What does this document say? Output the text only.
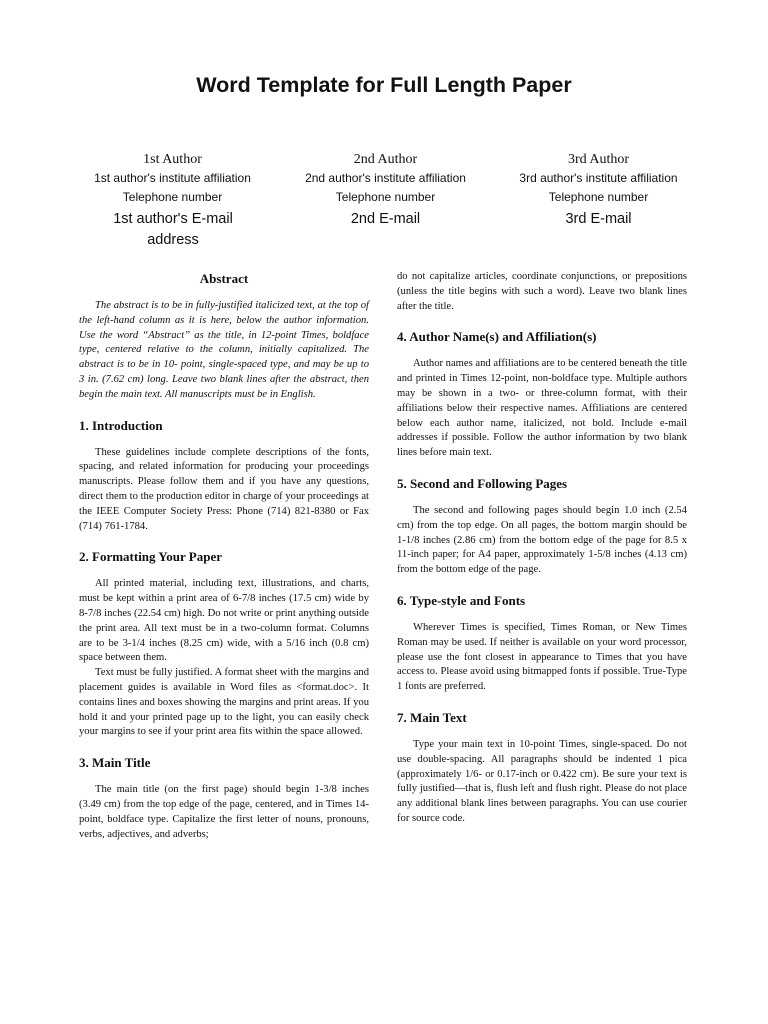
Word Template for Full Length Paper
1st Author
1st author's institute affiliation
Telephone number
1st author's E-mail address
2nd Author
2nd author's institute affiliation
Telephone number
2nd E-mail
3rd Author
3rd author's institute affiliation
Telephone number
3rd E-mail
Abstract

The abstract is to be in fully-justified italicized text, at the top of the left-hand column as it is here, below the author information. Use the word “Abstract” as the title, in 12-point Times, boldface type, centered relative to the column, initially capitalized. The abstract is to be in 10- point, single-spaced type, and may be up to 3 in. (7.62 cm) long. Leave two blank lines after the abstract, then begin the main text. All manuscripts must be in English.

1. Introduction

These guidelines include complete descriptions of the fonts, spacing, and related information for producing your proceedings manuscripts. Please follow them and if you have any questions, direct them to the production editor in charge of your proceedings at the IEEE Computer Society Press: Phone (714) 821-8380 or Fax (714) 761-1784.

2. Formatting Your Paper

All printed material, including text, illustrations, and charts, must be kept within a print area of 6-7/8 inches (17.5 cm) wide by 8-7/8 inches (22.54 cm) high. Do not write or print anything outside the print area. All text must be in a two-column format. Columns are to be 3-1/4 inches (8.25 cm) wide, with a 5/16 inch (0.8 cm) space between them.

Text must be fully justified. A format sheet with the margins and placement guides is available in Word files as <format.doc>. It contains lines and boxes showing the margins and print areas. If you hold it and your printed page up to the light, you can easily check your margins to see if your print area fits within the space allowed.

3. Main Title

The main title (on the first page) should begin 1-3/8 inches (3.49 cm) from the top edge of the page, centered, and in Times 14-point, boldface type. Capitalize the first letter of nouns, pronouns, verbs, adjectives, and adverbs;

do not capitalize articles, coordinate conjunctions, or prepositions (unless the title begins with such a word). Leave two blank lines after the title.

4. Author Name(s) and Affiliation(s)

Author names and affiliations are to be centered beneath the title and printed in Times 12-point, non-boldface type. Multiple authors may be shown in a two- or three-column format, with their affiliations below their respective names. Affiliations are centered below each author name, italicized, not bold. Include e-mail addresses if possible. Follow the author information by two blank lines before main text.

5. Second and Following Pages

The second and following pages should begin 1.0 inch (2.54 cm) from the top edge. On all pages, the bottom margin should be 1-1/8 inches (2.86 cm) from the bottom edge of the page for 8.5 x 11-inch paper; for A4 paper, approximately 1-5/8 inches (4.13 cm) from the bottom edge of the page.

6. Type-style and Fonts

Wherever Times is specified, Times Roman, or New Times Roman may be used. If neither is available on your word processor, please use the font closest in appearance to Times that you have access to. Please avoid using bitmapped fonts if possible. True-Type 1 fonts are preferred.

7. Main Text

Type your main text in 10-point Times, single-spaced. Do not use double-spacing. All paragraphs should be indented 1 pica (approximately 1/6- or 0.17-inch or 0.422 cm). Be sure your text is fully justified—that is, flush left and flush right. Please do not place any additional blank lines between paragraphs. You can use courier for source code.
